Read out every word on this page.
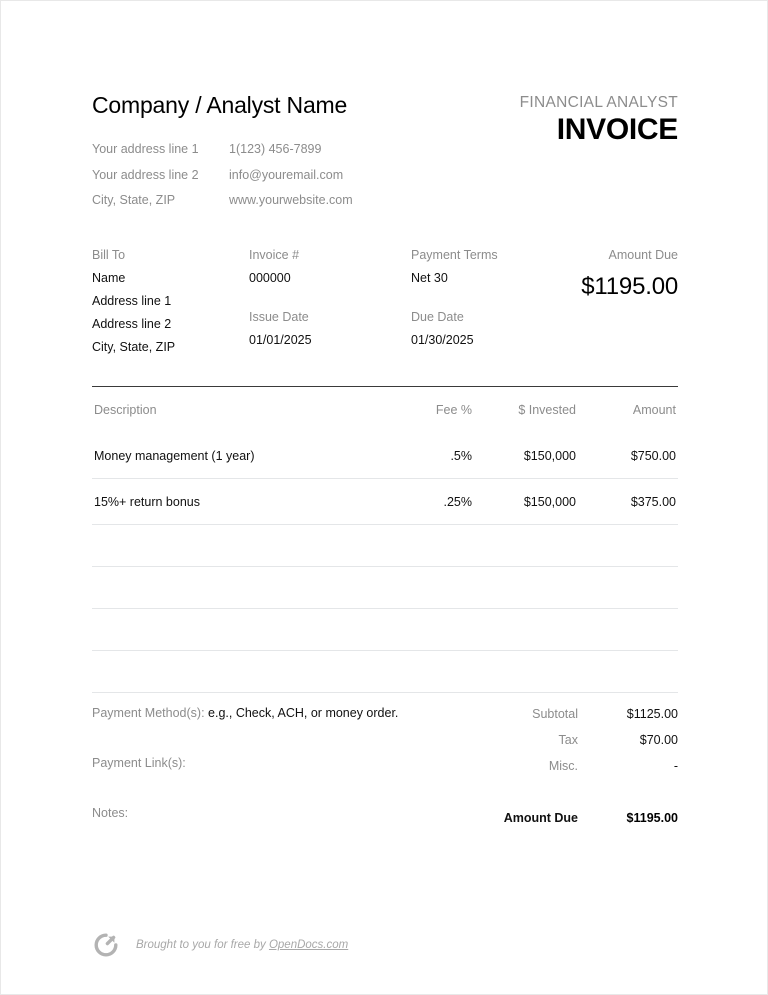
Company / Analyst Name	FINANCIAL ANALYST
INVOICE
Your address line 1	1(123) 456-7899
Your address line 2	info@youremail.com
City, State, ZIP	www.yourwebsite.com
Bill To
Name
Address line 1
Address line 2
City, State, ZIP
Invoice #
000000
Issue Date
01/01/2025
Payment Terms
Net 30
Due Date
01/30/2025
Amount Due
$1195.00
Description	Fee %	$ Invested	Amount
Money management (1 year)	.5%	$150,000	$750.00
15%+ return bonus	.25%	$150,000	$375.00
Payment Method(s): e.g., Check, ACH, or money order.
Payment Link(s):
Notes:
Subtotal	$1125.00
Tax	$70.00
Misc.	-
Amount Due	$1195.00
Brought to you for free by OpenDocs.com
